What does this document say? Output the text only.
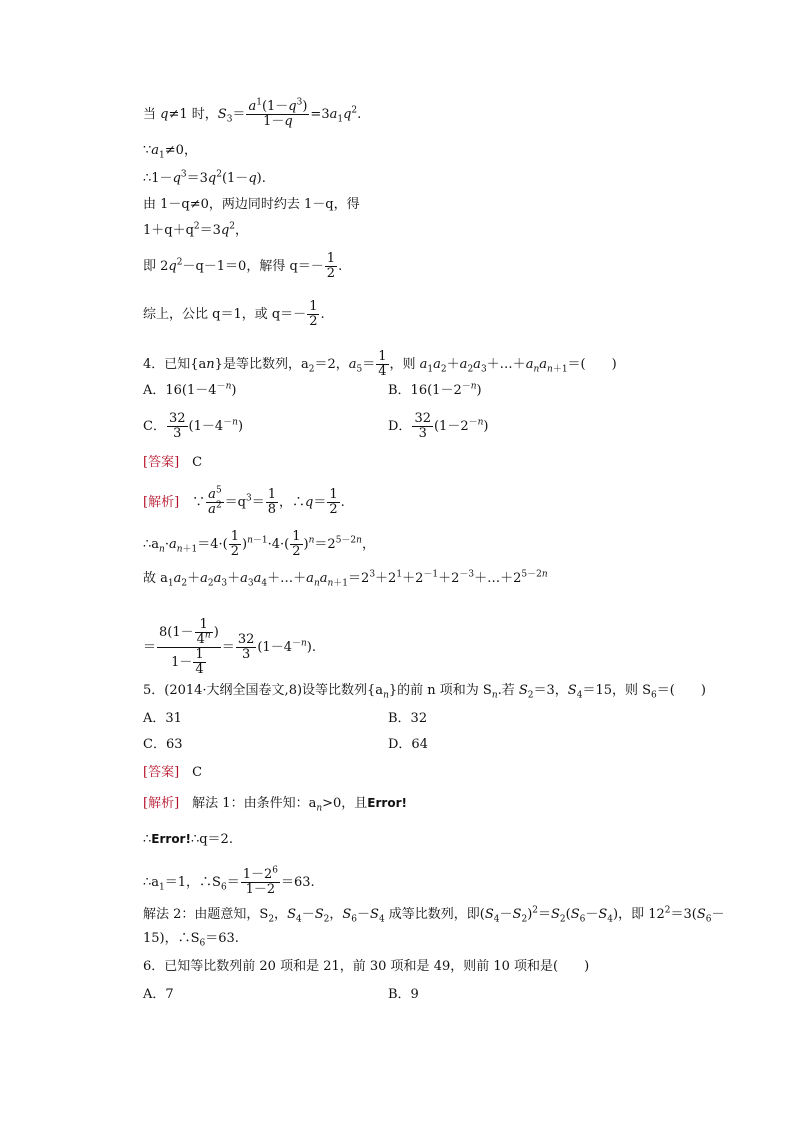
当 q≠1 时，$S_3= \frac{a^1(1-q^3)}{1-q} =3a_1q^2$.
$\because a_1\ne 0$，
$\therefore 1-q^3=3q^2(1-q)$.
由 1－q≠0，两边同时约去 1－q，得
$1+q+q^2=3q^2$，
即 $2q^2-q-1=0$，解得 $q=- \frac{1}{2}$ .
综上，公比 q＝1，或 $q=- \frac{1}{2}$ .
4．已知{an}是等比数列，$a_2=2$，$a_5= \frac{1}{4}$ ，则 $a_1a_2+a_2a_3+\dots+a_na_{n+1}=$(　　)
A．$16(1-4^{-n})$	B．$16(1-2^{-n})$
C． $\frac{32}{3} (1-4^{-n})$	D． $\frac{32}{3} (1-2^{-n})$
[答案]　 C
[解析]　∵ $\frac{a^5}{a^2} =q^3= \frac{1}{8}$ ，∴q＝ $\frac{1}{2}$ .
$\therefore a_n\cdot a_{n+1}=4\cdot( \frac{1}{2} )^{n-1}\cdot 4\cdot( \frac{1}{2} )^n=2^{5-2n}$，
故 $a_1a_2+a_2a_3+a_3a_4+\dots+a_na_{n+1}=2^3+2^1+2^{-1}+2^{-3}+\dots+2^{5-2n}$
＝ $\frac{8(1- \frac{1}{4^n} )}{1- \frac{1}{4}} = \frac{32}{3} (1-4^{-n})$.
5．(2014·大纲全国卷文,8)设等比数列$\{a_n\}$的前 n 项和为 $S_n$.若 $S_2=3$，$S_4=15$，则 $S_6=$(　　)
A．31	B．32
C．63	D．64
[答案]　 C
[解析]　 解法 1：由条件知：$a_n>0$，且Error!
∴Error!∴q＝2.
$\therefore a_1=1$，$\therefore S_6= \frac{1-2^6}{1-2} =63$.
解法 2：由题意知，$S_2$，$S_4-S_2$，$S_6-S_4$ 成等比数列，即$(S_4-S_2)^2=S_2(S_6-S_4)$，即 $12^2=3(S_6-$
15)，$\therefore S_6=63$.
6．已知等比数列前 20 项和是 21，前 30 项和是 49，则前 10 项和是(　　)
A．7	B．9
